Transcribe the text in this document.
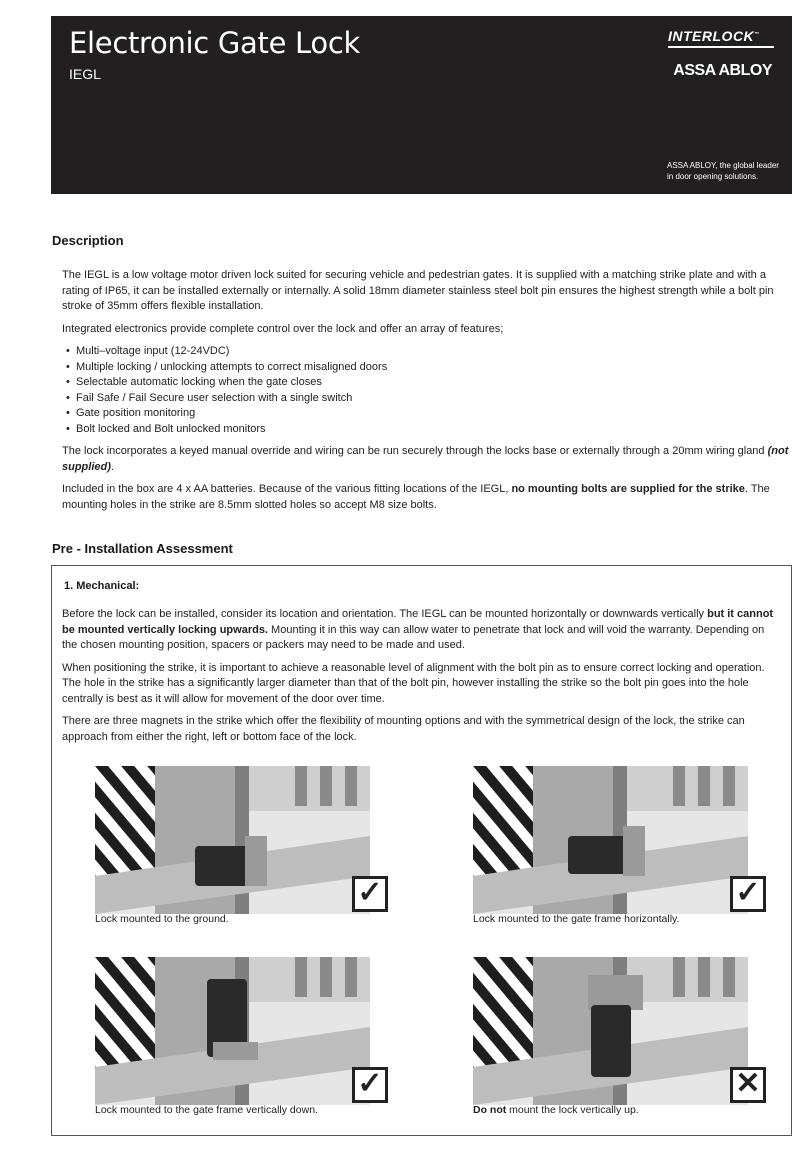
Electronic Gate Lock
IEGL
INTERLOCK™
ASSA ABLOY
ASSA ABLOY, the global leader
in door opening solutions.
Description

The IEGL is a low voltage motor driven lock suited for securing vehicle and pedestrian gates. It is supplied with a matching strike plate and with a rating of IP65, it can be installed externally or internally. A solid 18mm diameter stainless steel bolt pin ensures the highest strength while a bolt pin stroke of 35mm offers flexible installation.

Integrated electronics provide complete control over the lock and offer an array of features;

• Multi–voltage input (12-24VDC)
• Multiple locking / unlocking attempts to correct misaligned doors
• Selectable automatic locking when the gate closes
• Fail Safe / Fail Secure user selection with a single switch
• Gate position monitoring
• Bolt locked and Bolt unlocked monitors

The lock incorporates a keyed manual override and wiring can be run securely through the locks base or externally through a 20mm wiring gland (not supplied).

Included in the box are 4 x AA batteries. Because of the various fitting locations of the IEGL, no mounting bolts are supplied for the strike. The mounting holes in the strike are 8.5mm slotted holes so accept M8 size bolts.

Pre - Installation Assessment
1. Mechanical:

Before the lock can be installed, consider its location and orientation. The IEGL can be mounted horizontally or downwards vertically but it cannot be mounted vertically locking upwards. Mounting it in this way can allow water to penetrate that lock and will void the warranty. Depending on the chosen mounting position, spacers or packers may need to be made and used.

When positioning the strike, it is important to achieve a reasonable level of alignment with the bolt pin as to ensure correct locking and operation. The hole in the strike has a significantly larger diameter than that of the bolt pin, however installing the strike so the bolt pin goes into the hole centrally is best as it will allow for movement of the door over time.

There are three magnets in the strike which offer the flexibility of mounting options and with the symmetrical design of the lock, the strike can approach from either the right, left or bottom face of the lock.

✓
Lock mounted to the ground.
✓
Lock mounted to the gate frame horizontally.
✓
Lock mounted to the gate frame vertically down.
✕
Do not mount the lock vertically up.
